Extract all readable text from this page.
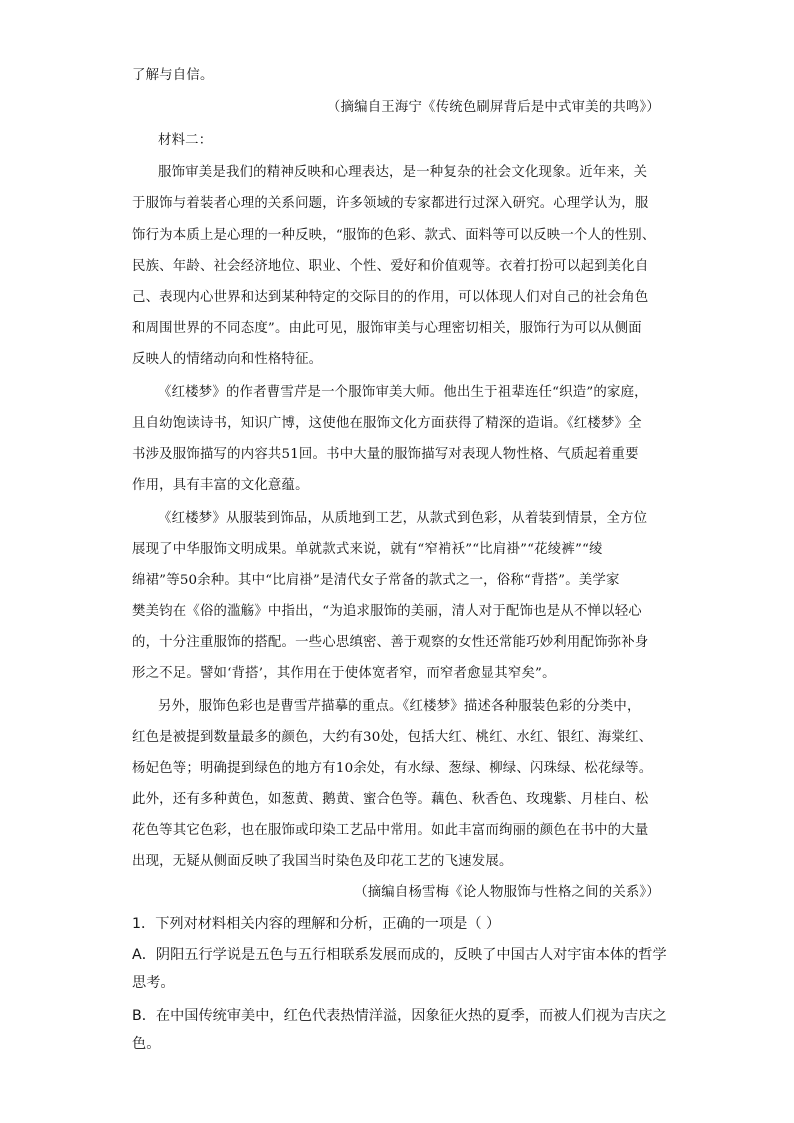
了解与自信。
（摘编自王海宁《传统色刷屏背后是中式审美的共鸣》）
材料二：
服饰审美是我们的精神反映和心理表达，是一种复杂的社会文化现象。近年来，关
于服饰与着装者心理的关系问题，许多领域的专家都进行过深入研究。心理学认为，服
饰行为本质上是心理的一种反映，“服饰的色彩、款式、面料等可以反映一个人的性别、
民族、年龄、社会经济地位、职业、个性、爱好和价值观等。衣着打扮可以起到美化自
己、表现内心世界和达到某种特定的交际目的的作用，可以体现人们对自己的社会角色
和周围世界的不同态度”。由此可见，服饰审美与心理密切相关，服饰行为可以从侧面
反映人的情绪动向和性格特征。
《红楼梦》的作者曹雪芹是一个服饰审美大师。他出生于祖辈连任“织造”的家庭，
且自幼饱读诗书，知识广博，这使他在服饰文化方面获得了精深的造诣。《红楼梦》全
书涉及服饰描写的内容共51回。书中大量的服饰描写对表现人物性格、气质起着重要
作用，具有丰富的文化意蕴。
《红楼梦》从服装到饰品，从质地到工艺，从款式到色彩，从着装到情景，全方位
展现了中华服饰文明成果。单就款式来说，就有“窄褃袄”“比肩褂”“花绫裤”“绫
绵裙”等50余种。其中“比肩褂”是清代女子常备的款式之一，俗称“背搭”。美学家
樊美钧在《俗的滥觞》中指出，“为追求服饰的美丽，清人对于配饰也是从不惮以轻心
的，十分注重服饰的搭配。一些心思缜密、善于观察的女性还常能巧妙利用配饰弥补身
形之不足。譬如‘背搭’，其作用在于使体宽者窄，而窄者愈显其窄矣”。
另外，服饰色彩也是曹雪芹描摹的重点。《红楼梦》描述各种服装色彩的分类中，
红色是被提到数量最多的颜色，大约有30处，包括大红、桃红、水红、银红、海棠红、
杨妃色等；明确提到绿色的地方有10余处，有水绿、葱绿、柳绿、闪珠绿、松花绿等。
此外，还有多种黄色，如葱黄、鹅黄、蜜合色等。藕色、秋香色、玫瑰紫、月桂白、松
花色等其它色彩，也在服饰或印染工艺品中常用。如此丰富而绚丽的颜色在书中的大量
出现，无疑从侧面反映了我国当时染色及印花工艺的飞速发展。
（摘编自杨雪梅《论人物服饰与性格之间的关系》）
1．下列对材料相关内容的理解和分析，正确的一项是（ ）
A．阴阳五行学说是五色与五行相联系发展而成的，反映了中国古人对宇宙本体的哲学
思考。
B．在中国传统审美中，红色代表热情洋溢，因象征火热的夏季，而被人们视为吉庆之
色。
